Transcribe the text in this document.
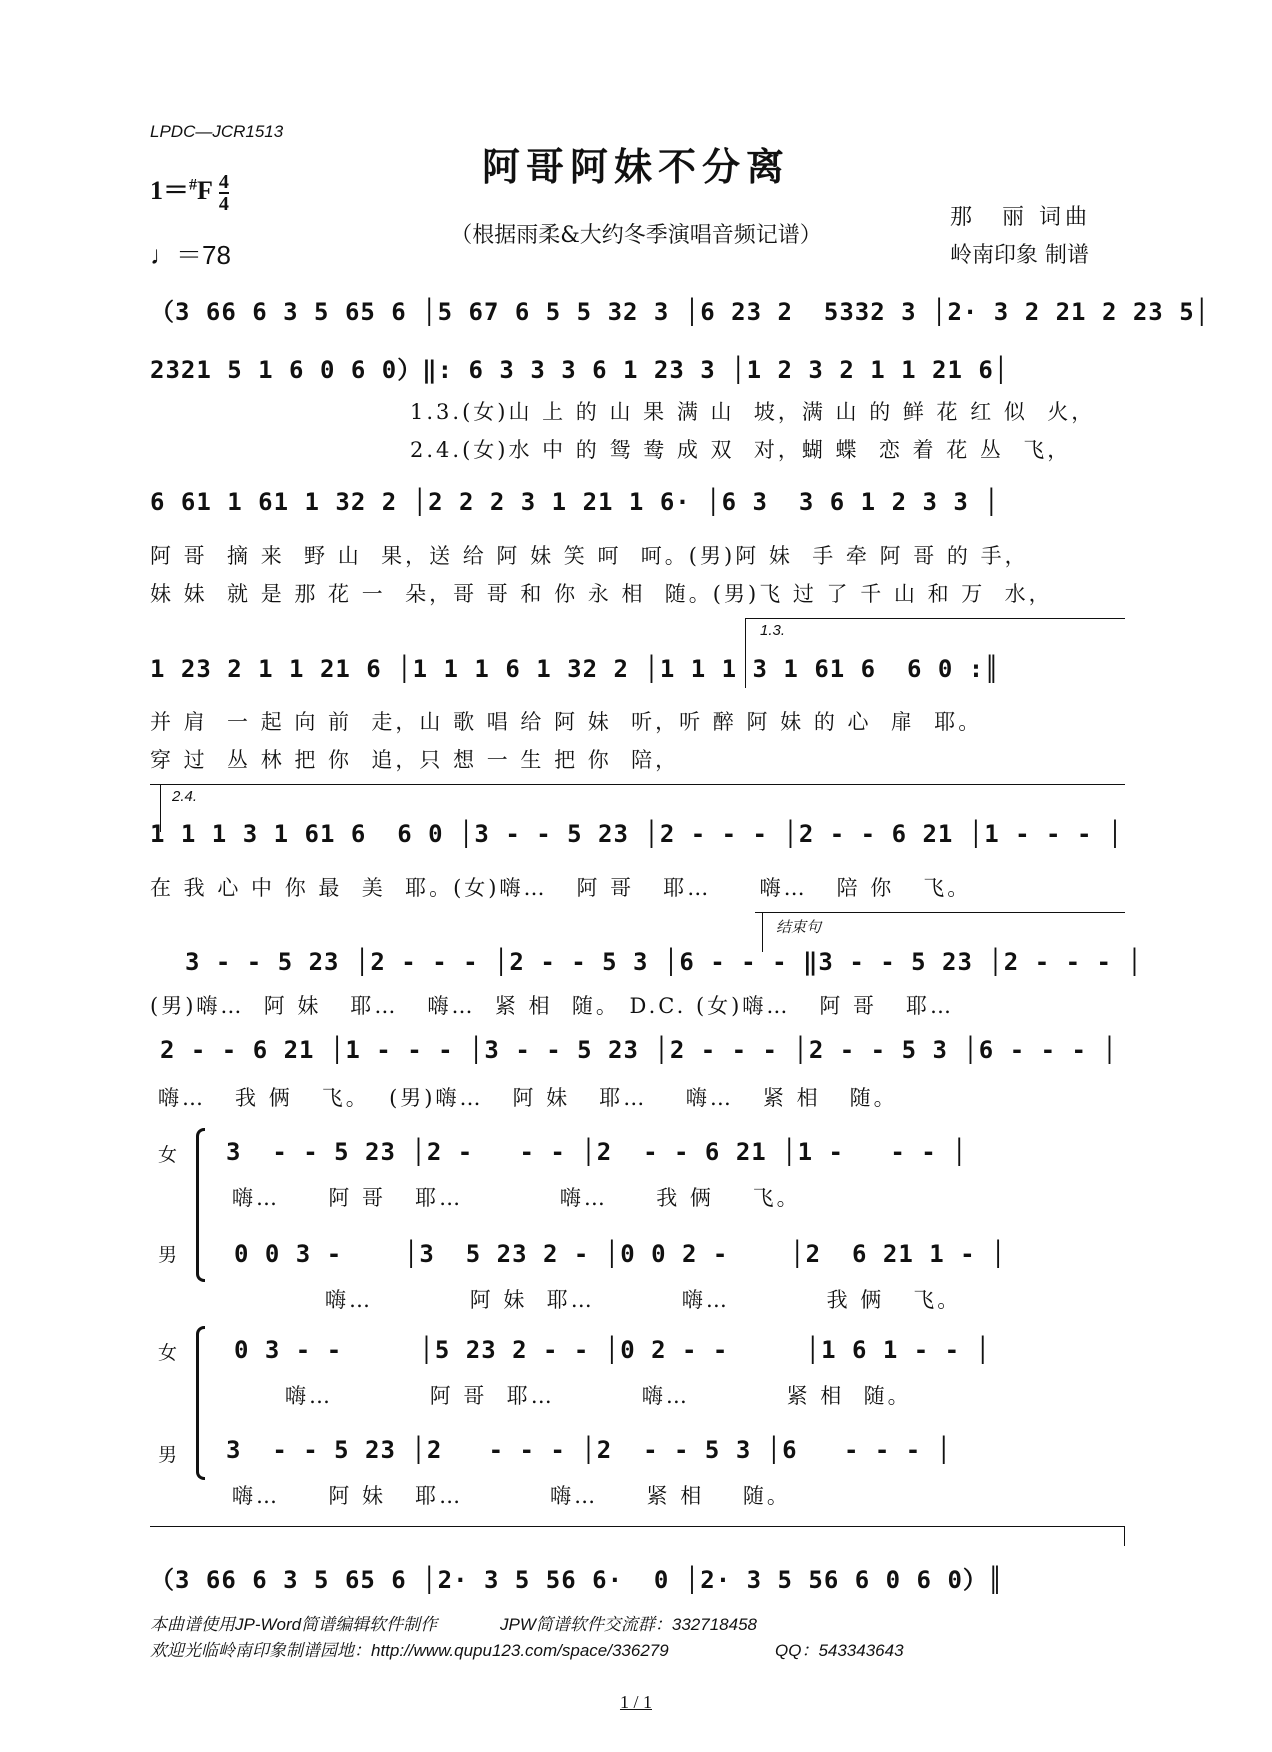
LPDC—JCR1513
阿哥阿妹不分离
$1=^{\#}F \frac{4}{4}$
（根据雨柔&大约冬季演唱音频记谱）
那　丽 词曲
♩＝78	岭南印象 制谱
（3 66 6 3 5 65 6 │5 67 6 5 5 32 3 │6 23 2  5332 3 │2· 3 2 21 2 23 5│
2321 5 1 6 0 6 0）‖: 6 3 3 3 6 1 23 3 │1 2 3 2 1 1 21 6│
1.3.(女)山 上 的 山 果 满 山  坡，满 山 的 鲜 花 红 似  火，
2.4.(女)水 中 的 鸳 鸯 成 双  对，蝴 蝶  恋 着 花 丛  飞，
6 61 1 61 1 32 2 │2 2 2 3 1 21 1 6· │6 3  3 6 1 2 3 3 │
阿 哥  摘 来  野 山  果，送 给 阿 妹 笑 呵  呵。(男)阿 妹  手 牵 阿 哥 的 手，
妹 妹  就 是 那 花 一  朵，哥 哥 和 你 永 相  随。(男)飞 过 了 千 山 和 万  水，
1.3.
1 23 2 1 1 21 6 │1 1 1 6 1 32 2 │1 1 1 3 1 61 6  6 0 :║
并 肩  一 起 向 前  走，山 歌 唱 给 阿 妹  听，听 醉 阿 妹 的 心  扉  耶。
穿 过  丛 林 把 你  追，只 想 一 生 把 你  陪，
2.4.
1 1 1 3 1 61 6  6 0 │3 - - 5 23 │2 - - - │2 - - 6 21 │1 - - - │
在 我 心 中 你 最  美  耶。(女)嗨…   阿 哥   耶…     嗨…   陪 你   飞。
结束句
3 - - 5 23 │2 - - - │2 - - 5 3 │6 - - - ‖3 - - 5 23 │2 - - - │
(男)嗨…  阿 妹   耶…   嗨…  紧 相  随。 D.C. (女)嗨…   阿 哥   耶…
2 - - 6 21 │1 - - - │3 - - 5 23 │2 - - - │2 - - 5 3 │6 - - - │
嗨…   我 俩   飞。  (男)嗨…   阿 妹   耶…    嗨…   紧 相   随。
女 3  - - 5 23 │2 -   - - │2  - - 6 21 │1 -   - - │
嗨…     阿 哥   耶…          嗨…     我 俩    飞。
男 0 0 3 -    │3  5 23 2 - │0 0 2 -    │2  6 21 1 - │
嗨…          阿 妹  耶…         嗨…          我 俩   飞。
女 0 3 - -     │5 23 2 - - │0 2 - -     │1 6 1 - - │
嗨…          阿 哥  耶…         嗨…          紧 相  随。
男 3  - - 5 23 │2   - - - │2  - - 5 3 │6   - - - │
嗨…     阿 妹   耶…         嗨…     紧 相    随。
（3 66 6 3 5 65 6 │2· 3 5 56 6·  0 │2· 3 5 56 6 0 6 0）║
本曲谱使用JP-Word简谱编辑软件制作	JPW简谱软件交流群：332718458
欢迎光临岭南印象制谱园地：http://www.qupu123.com/space/336279	QQ：543343643
1 / 1
